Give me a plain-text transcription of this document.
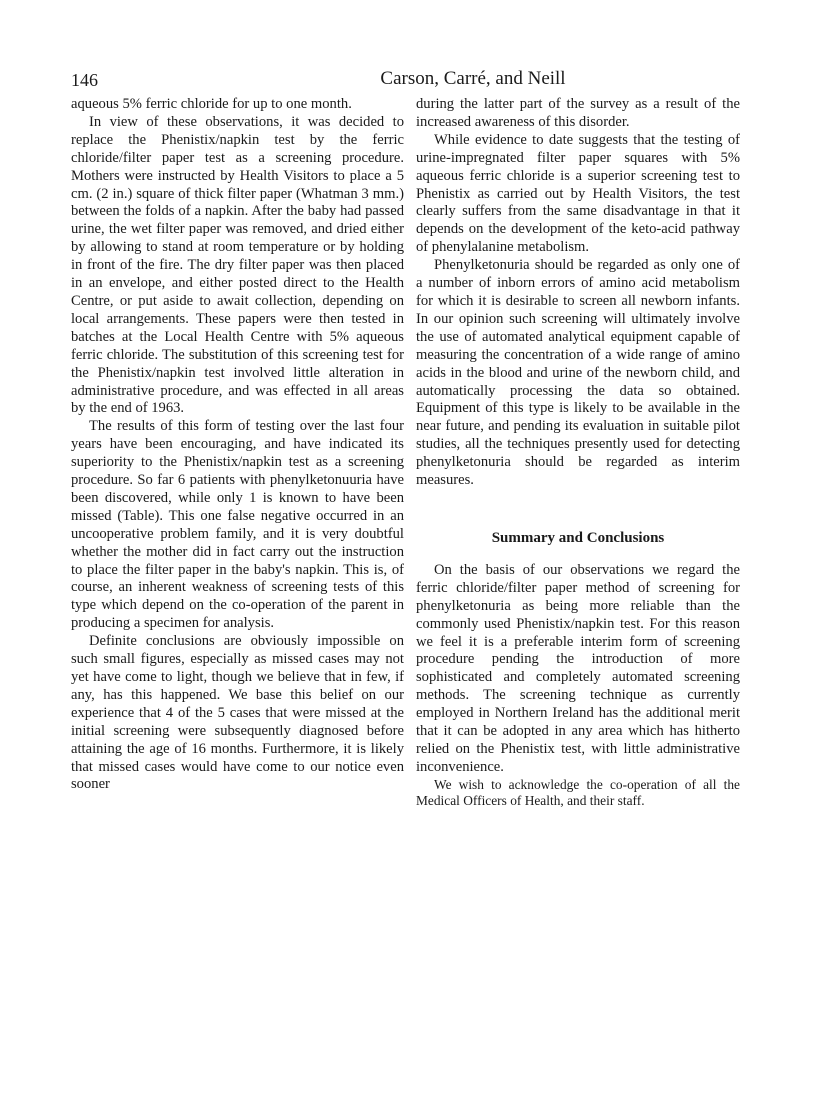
146	Carson, Carré, and Neill

aqueous 5% ferric chloride for up to one month.

In view of these observations, it was decided to replace the Phenistix/napkin test by the ferric chloride/filter paper test as a screening procedure. Mothers were instructed by Health Visitors to place a 5 cm. (2 in.) square of thick filter paper (Whatman 3 mm.) between the folds of a napkin. After the baby had passed urine, the wet filter paper was removed, and dried either by allowing to stand at room temperature or by holding in front of the fire. The dry filter paper was then placed in an envelope, and either posted direct to the Health Centre, or put aside to await collection, depending on local arrangements. These papers were then tested in batches at the Local Health Centre with 5% aqueous ferric chloride. The substitution of this screening test for the Phenistix/napkin test involved little alteration in administrative procedure, and was effected in all areas by the end of 1963.

The results of this form of testing over the last four years have been encouraging, and have indicated its superiority to the Phenistix/napkin test as a screening procedure. So far 6 patients with phenylketonuuria have been discovered, while only 1 is known to have been missed (Table). This one false negative occurred in an uncooperative problem family, and it is very doubtful whether the mother did in fact carry out the instruction to place the filter paper in the baby's napkin. This is, of course, an inherent weakness of screening tests of this type which depend on the co-operation of the parent in producing a specimen for analysis.

Definite conclusions are obviously impossible on such small figures, especially as missed cases may not yet have come to light, though we believe that in few, if any, has this happened. We base this belief on our experience that 4 of the 5 cases that were missed at the initial screening were subsequently diagnosed before attaining the age of 16 months. Furthermore, it is likely that missed cases would have come to our notice even sooner

during the latter part of the survey as a result of the increased awareness of this disorder.

While evidence to date suggests that the testing of urine-impregnated filter paper squares with 5% aqueous ferric chloride is a superior screening test to Phenistix as carried out by Health Visitors, the test clearly suffers from the same disadvantage in that it depends on the development of the keto-acid pathway of phenylalanine metabolism.

Phenylketonuria should be regarded as only one of a number of inborn errors of amino acid metabolism for which it is desirable to screen all newborn infants. In our opinion such screening will ultimately involve the use of automated analytical equipment capable of measuring the concentration of a wide range of amino acids in the blood and urine of the newborn child, and automatically processing the data so obtained. Equipment of this type is likely to be available in the near future, and pending its evaluation in suitable pilot studies, all the techniques presently used for detecting phenylketonuria should be regarded as interim measures.

Summary and Conclusions

On the basis of our observations we regard the ferric chloride/filter paper method of screening for phenylketonuria as being more reliable than the commonly used Phenistix/napkin test. For this reason we feel it is a preferable interim form of screening procedure pending the introduction of more sophisticated and completely automated screening methods. The screening technique as currently employed in Northern Ireland has the additional merit that it can be adopted in any area which has hitherto relied on the Phenistix test, with little administrative inconvenience.

We wish to acknowledge the co-operation of all the Medical Officers of Health, and their staff.
